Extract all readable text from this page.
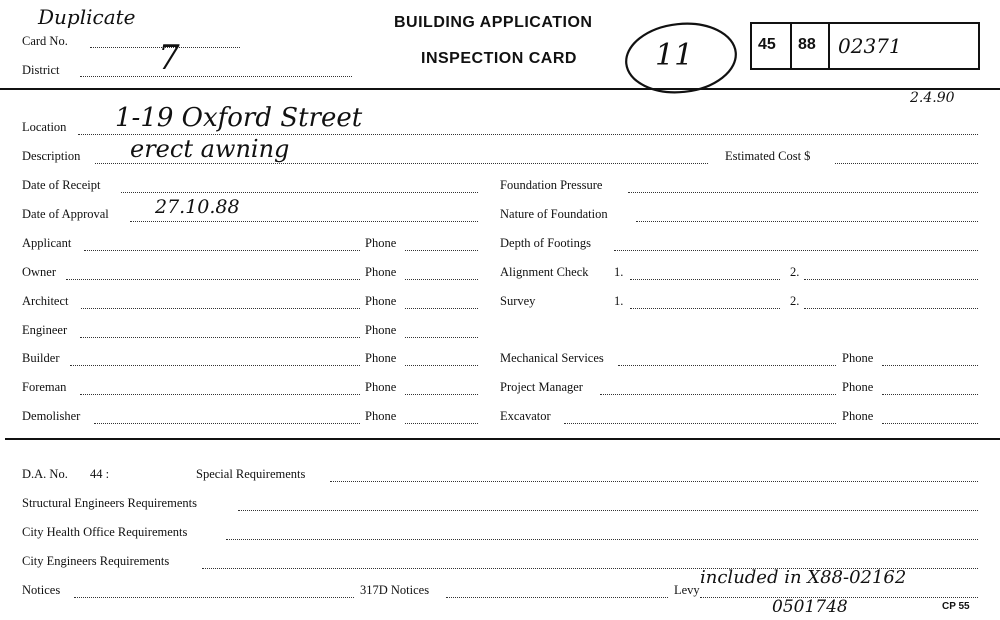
Card No.
Duplicate
District	7
BUILDING APPLICATION
INSPECTION CARD	11	45 88 02371
2.4.90
Location 1-19 Oxford Street
Description erect awning	Estimated Cost $
Date of Receipt
Date of Approval 27.10.88
Foundation Pressure
Nature of Foundation
Depth of Footings
Applicant	Phone
Owner	Phone
Architect	Phone
Engineer	Phone
Builder	Phone
Foreman	Phone
Demolisher	Phone
Alignment Check 1.	2.
Survey	1.	2.
Mechanical Services	Phone
Project Manager	Phone
Excavator	Phone
D.A. No. 44 :	Special Requirements
Structural Engineers Requirements
City Health Office Requirements
City Engineers Requirements
Notices	317D Notices	Levy
included in X88-02162
0501748	CP 55
